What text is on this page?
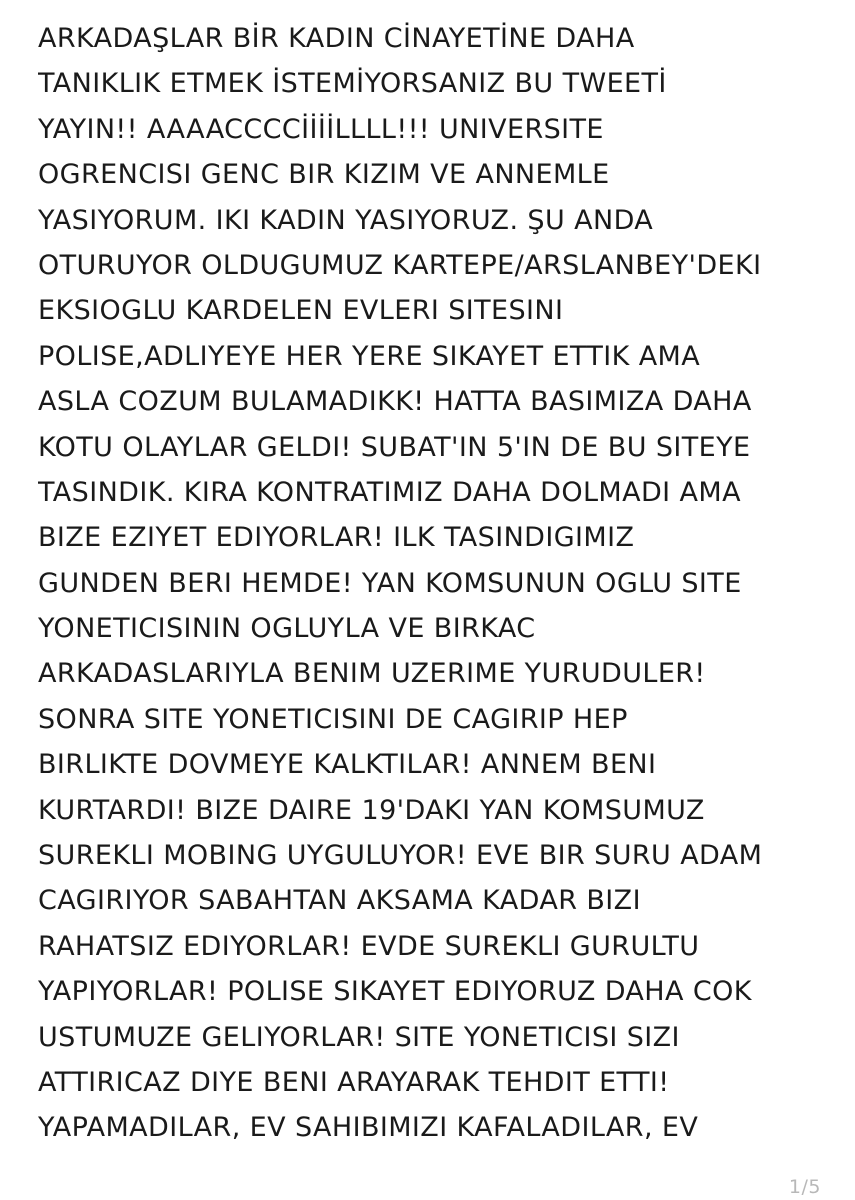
ARKADAŞLAR BİR KADIN CİNAYETİNE DAHA
TANIKLIK ETMEK İSTEMİYORSANIZ BU TWEETİ
YAYIN!! AAAACCCCİİİİLLLL!!! UNIVERSITE
OGRENCISI GENC BIR KIZIM VE ANNEMLE
YASIYORUM. IKI KADIN YASIYORUZ. ŞU ANDA
OTURUYOR OLDUGUMUZ KARTEPE/ARSLANBEY'DEKI
EKSIOGLU KARDELEN EVLERI SITESINI
POLISE,ADLIYEYE HER YERE SIKAYET ETTIK AMA
ASLA COZUM BULAMADIKK! HATTA BASIMIZA DAHA
KOTU OLAYLAR GELDI! SUBAT'IN 5'IN DE BU SITEYE
TASINDIK. KIRA KONTRATIMIZ DAHA DOLMADI AMA
BIZE EZIYET EDIYORLAR! ILK TASINDIGIMIZ
GUNDEN BERI HEMDE! YAN KOMSUNUN OGLU SITE
YONETICISININ OGLUYLA VE BIRKAC
ARKADASLARIYLA BENIM UZERIME YURUDULER!
SONRA SITE YONETICISINI DE CAGIRIP HEP
BIRLIKTE DOVMEYE KALKTILAR! ANNEM BENI
KURTARDI! BIZE DAIRE 19'DAKI YAN KOMSUMUZ
SUREKLI MOBING UYGULUYOR! EVE BIR SURU ADAM
CAGIRIYOR SABAHTAN AKSAMA KADAR BIZI
RAHATSIZ EDIYORLAR! EVDE SUREKLI GURULTU
YAPIYORLAR! POLISE SIKAYET EDIYORUZ DAHA COK
USTUMUZE GELIYORLAR! SITE YONETICISI SIZI
ATTIRICAZ DIYE BENI ARAYARAK TEHDIT ETTI!
YAPAMADILAR, EV SAHIBIMIZI KAFALADILAR, EV
1/5
